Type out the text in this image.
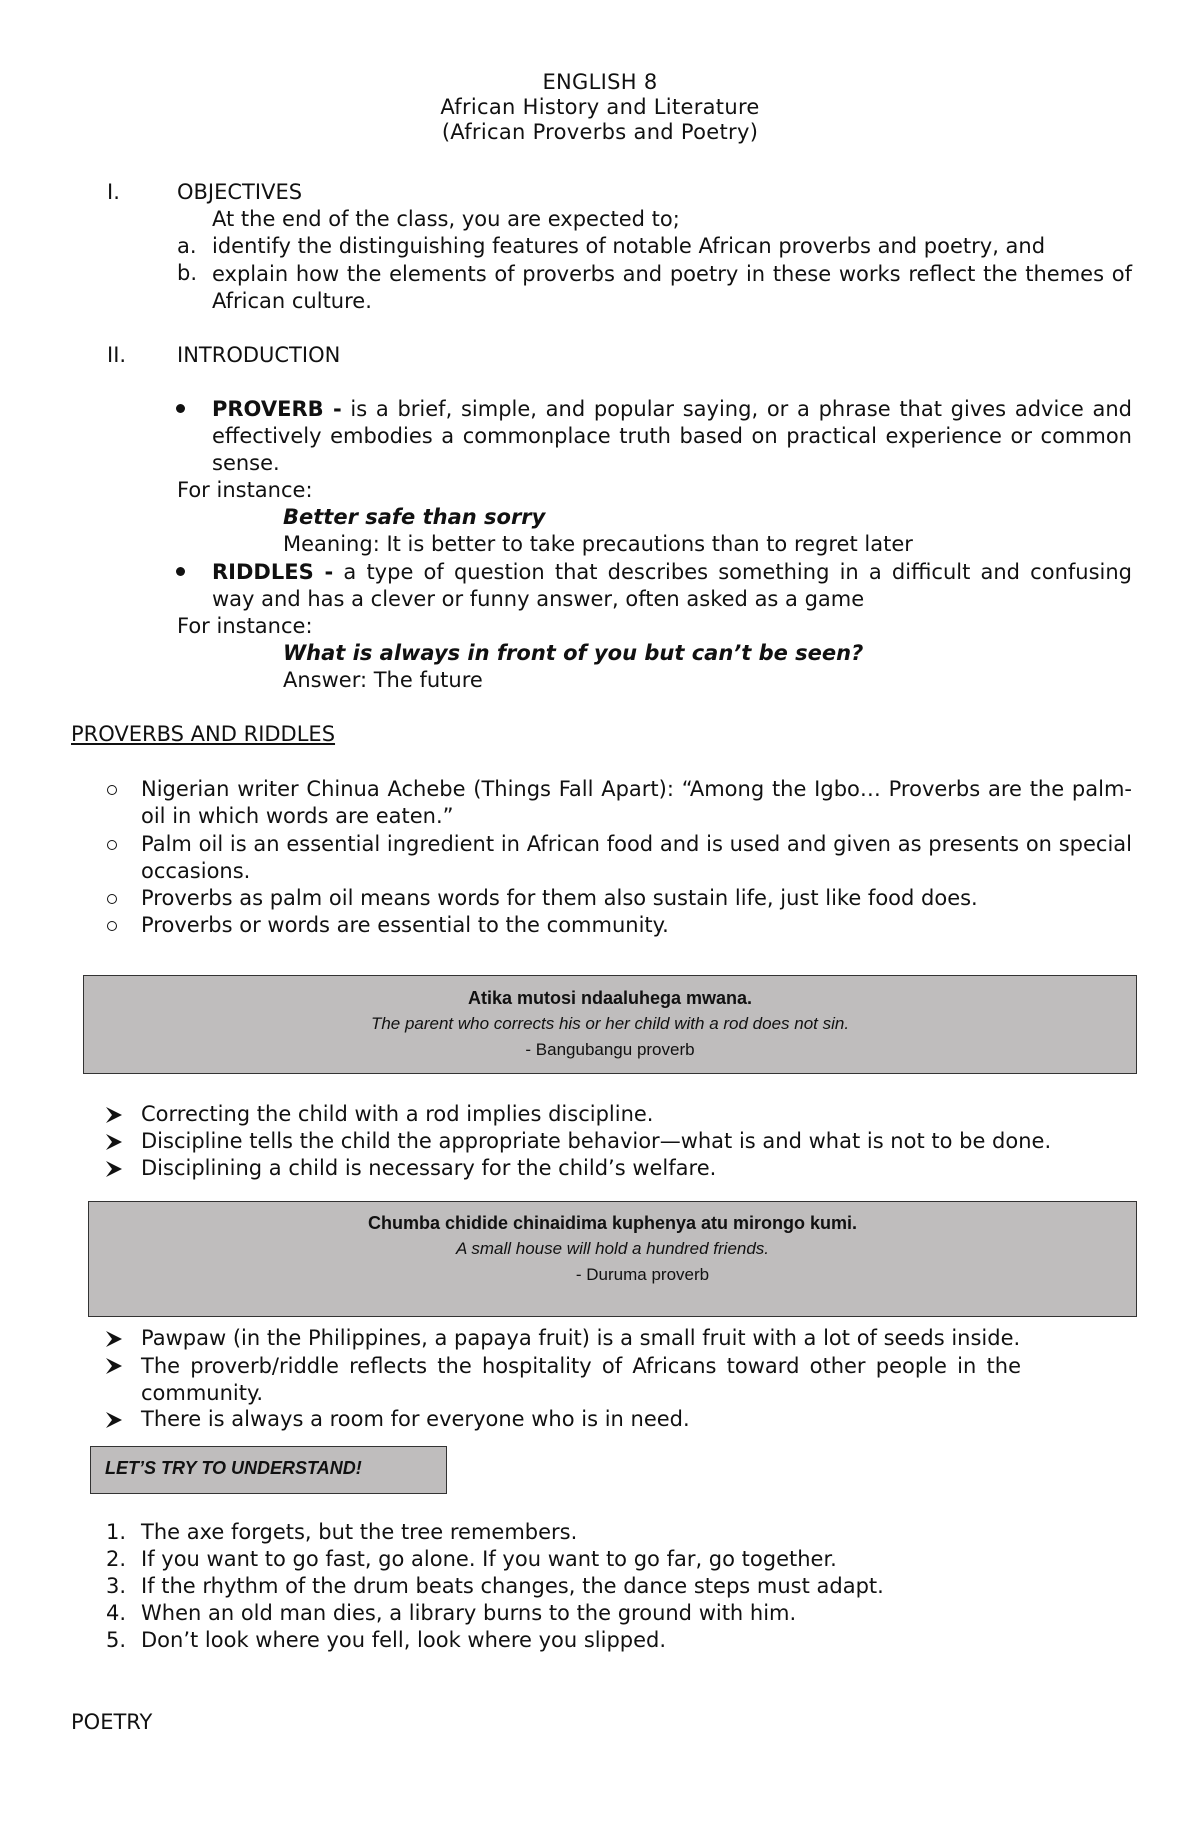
ENGLISH 8
African History and Literature
(African Proverbs and Poetry)
I.	OBJECTIVES
At the end of the class, you are expected to;
a. identify the distinguishing features of notable African proverbs and poetry, and
b. explain how the elements of proverbs and poetry in these works reflect the themes of African culture.
II. INTRODUCTION
PROVERB - is a brief, simple, and popular saying, or a phrase that gives advice and effectively embodies a commonplace truth based on practical experience or common sense.
For instance:
Better safe than sorry
Meaning: It is better to take precautions than to regret later
RIDDLES - a type of question that describes something in a difficult and confusing way and has a clever or funny answer, often asked as a game
For instance:
What is always in front of you but can’t be seen?
Answer: The future
PROVERBS AND RIDDLES
Nigerian writer Chinua Achebe (Things Fall Apart): “Among the Igbo… Proverbs are the palm-oil in which words are eaten.”
Palm oil is an essential ingredient in African food and is used and given as presents on special occasions.
Proverbs as palm oil means words for them also sustain life, just like food does.
Proverbs or words are essential to the community.
Atika mutosi ndaaluhega mwana.
The parent who corrects his or her child with a rod does not sin.
- Bangubangu proverb
Correcting the child with a rod implies discipline.
Discipline tells the child the appropriate behavior—what is and what is not to be done.
Disciplining a child is necessary for the child’s welfare.
Chumba chidide chinaidima kuphenya atu mirongo kumi.
A small house will hold a hundred friends.
- Duruma proverb
Pawpaw (in the Philippines, a papaya fruit) is a small fruit with a lot of seeds inside.
The proverb/riddle reflects the hospitality of Africans toward other people in the community.
There is always a room for everyone who is in need.
LET’S TRY TO UNDERSTAND!
1. The axe forgets, but the tree remembers.
2. If you want to go fast, go alone. If you want to go far, go together.
3. If the rhythm of the drum beats changes, the dance steps must adapt.
4. When an old man dies, a library burns to the ground with him.
5. Don’t look where you fell, look where you slipped.
POETRY
